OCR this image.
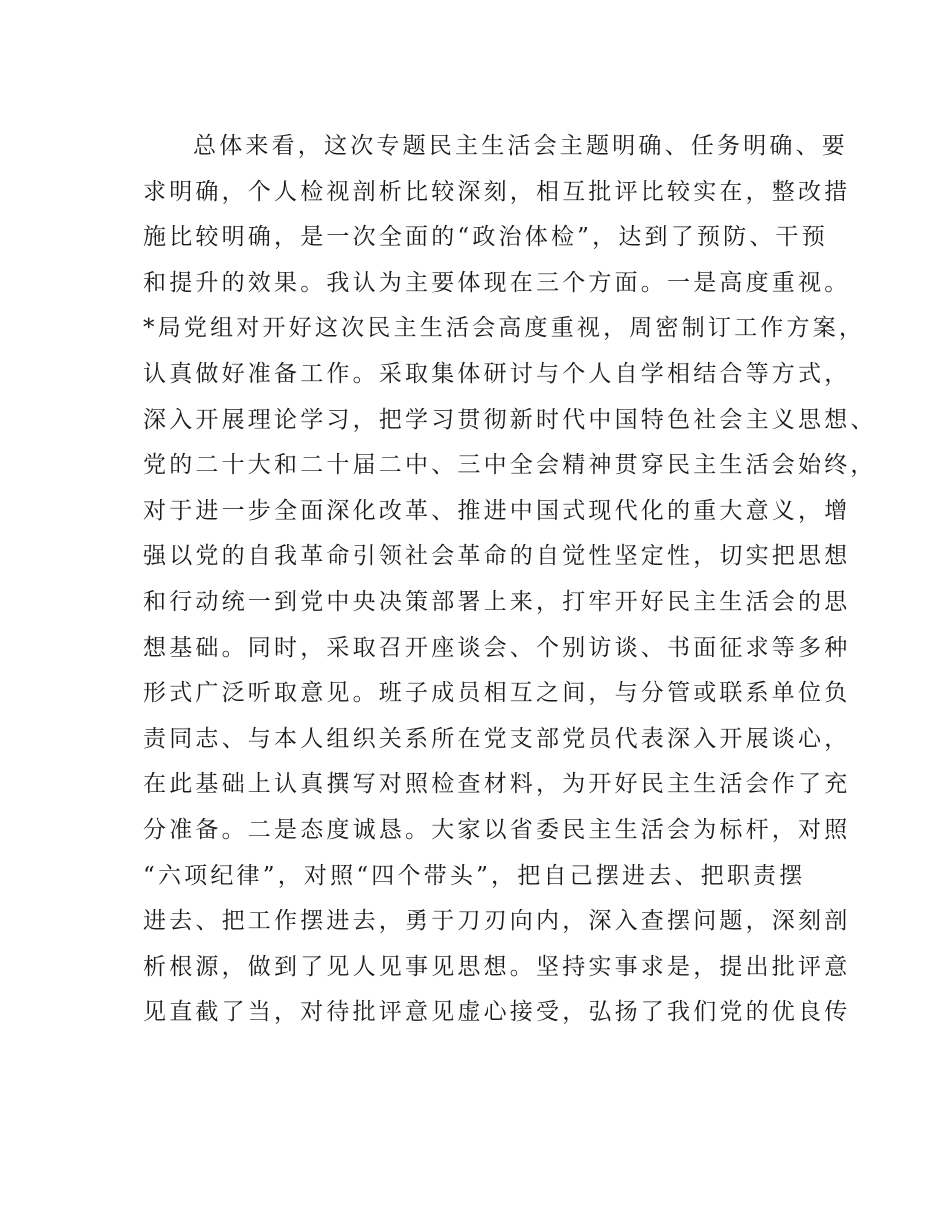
总体来看，这次专题民主生活会主题明确、任务明确、要
求明确，个人检视剖析比较深刻，相互批评比较实在，整改措
施比较明确，是一次全面的“政治体检”，达到了预防、干预
和提升的效果。我认为主要体现在三个方面。一是高度重视。
*局党组对开好这次民主生活会高度重视，周密制订工作方案，
认真做好准备工作。采取集体研讨与个人自学相结合等方式，
深入开展理论学习，把学习贯彻新时代中国特色社会主义思想、
党的二十大和二十届二中、三中全会精神贯穿民主生活会始终，
对于进一步全面深化改革、推进中国式现代化的重大意义，增
强以党的自我革命引领社会革命的自觉性坚定性，切实把思想
和行动统一到党中央决策部署上来，打牢开好民主生活会的思
想基础。同时，采取召开座谈会、个别访谈、书面征求等多种
形式广泛听取意见。班子成员相互之间，与分管或联系单位负
责同志、与本人组织关系所在党支部党员代表深入开展谈心，
在此基础上认真撰写对照检查材料，为开好民主生活会作了充
分准备。二是态度诚恳。大家以省委民主生活会为标杆，对照
“六项纪律”，对照“四个带头”，把自己摆进去、把职责摆
进去、把工作摆进去，勇于刀刃向内，深入查摆问题，深刻剖
析根源，做到了见人见事见思想。坚持实事求是，提出批评意
见直截了当，对待批评意见虚心接受，弘扬了我们党的优良传
